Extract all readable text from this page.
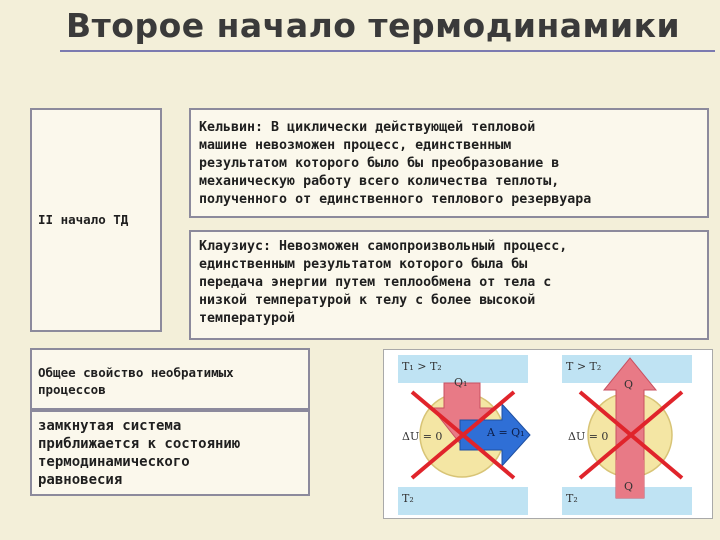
Второе начало термодинамики
II начало ТД
Кельвин: В циклически действующей тепловой
машине невозможен процесс, единственным
результатом которого было бы преобразование в
механическую работу всего количества теплоты,
полученного от единственного теплового резервуара
Клаузиус: Невозможен самопроизвольный процесс,
единственным результатом которого была бы
передача энергии путем теплообмена от тела с
низкой температурой к телу с более высокой
температурой
Общее свойство необратимых
процессов
замкнутая система
приближается к состоянию
термодинамического
равновесия
T₁ > T₂
Q₁
ΔU = 0	A = Q₁
T₂
T > T₂
Q
ΔU = 0
Q
T₂
